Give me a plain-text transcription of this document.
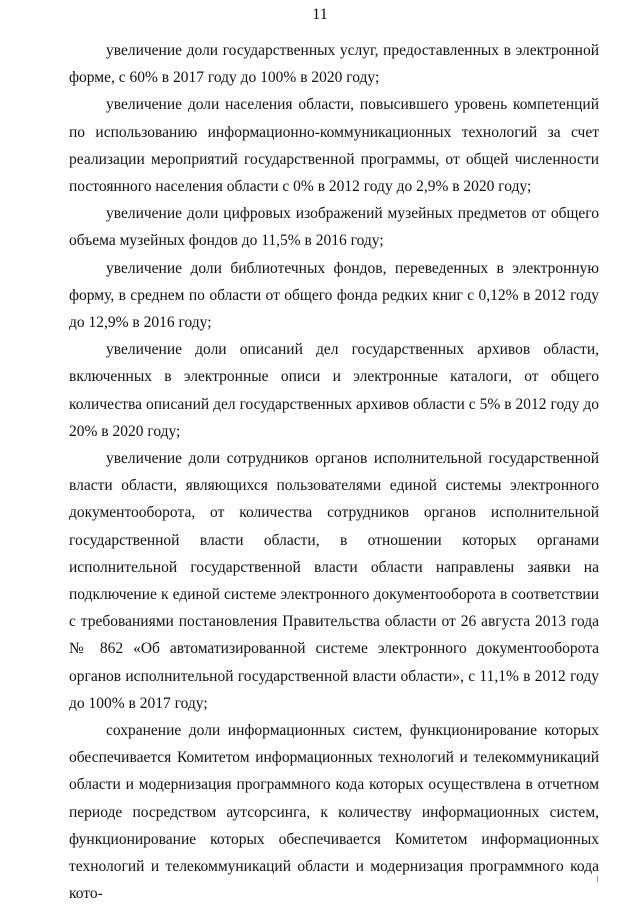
11

увеличение доли государственных услуг, предоставленных в электронной форме, с 60% в 2017 году до 100% в 2020 году;

увеличение доли населения области, повысившего уровень компетенций по использованию информационно-коммуникационных технологий за счет реализации мероприятий государственной программы, от общей численности постоянного населения области с 0% в 2012 году до 2,9% в 2020 году;

увеличение доли цифровых изображений музейных предметов от общего объема музейных фондов до 11,5% в 2016 году;

увеличение доли библиотечных фондов, переведенных в электронную форму, в среднем по области от общего фонда редких книг с 0,12% в 2012 году до 12,9% в 2016 году;

увеличение доли описаний дел государственных архивов области, включенных в электронные описи и электронные каталоги, от общего количества описаний дел государственных архивов области с 5% в 2012 году до 20% в 2020 году;

увеличение доли сотрудников органов исполнительной государственной власти области, являющихся пользователями единой системы электронного документооборота, от количества сотрудников органов исполнительной государственной власти области, в отношении которых органами исполнительной государственной власти области направлены заявки на подключение к единой системе электронного документооборота в соответствии с требованиями постановления Правительства области от 26 августа 2013 года № 862 «Об автоматизированной системе электронного документооборота органов исполнительной государственной власти области», с 11,1% в 2012 году до 100% в 2017 году;

сохранение доли информационных систем, функционирование которых обеспечивается Комитетом информационных технологий и телекоммуникаций области и модернизация программного кода которых осуществлена в отчетном периоде посредством аутсорсинга, к количеству информационных систем, функционирование которых обеспечивается Комитетом информационных технологий и телекоммуникаций области и модернизация программного кода кото-
